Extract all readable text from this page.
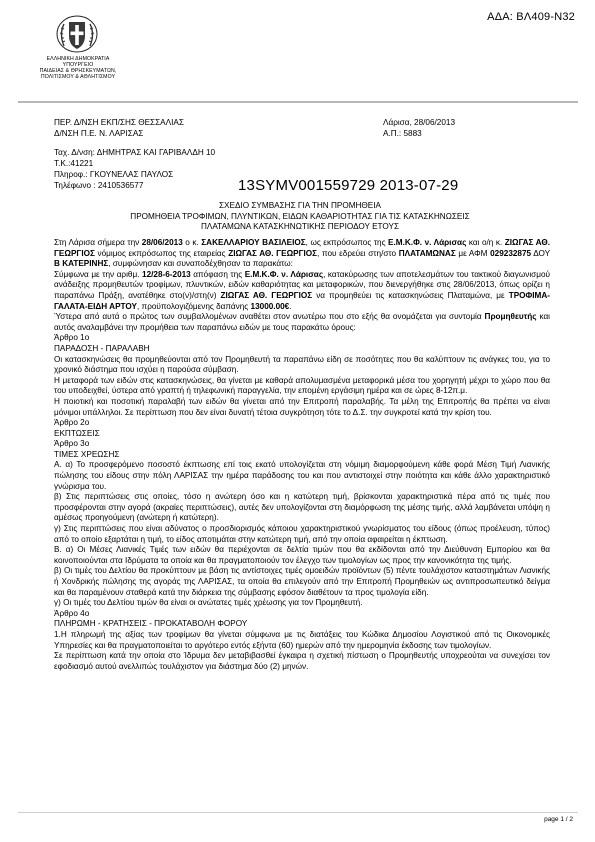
ΑΔΑ: ΒΛ409-Ν32
ΕΛΛΗΝΙΚΗ ΔΗΜΟΚΡΑΤΙΑ
ΥΠΟΥΡΓΕΙΟ
ΠΑΙΔΕΙΑΣ & ΘΡΗΣΚΕΥΜΑΤΩΝ,
ΠΟΛΙΤΙΣΜΟΥ & ΑΘΛΗΤΙΣΜΟΥ
ΠΕΡ. Δ/ΝΣΗ ΕΚΠ/ΣΗΣ ΘΕΣΣΑΛΙΑΣ
Δ/ΝΣΗ Π.Ε. Ν. ΛΑΡΙΣΑΣ
Λάρισα, 28/06/2013
Α.Π.: 5883
Ταχ. Δ/νση: ΔΗΜΗΤΡΑΣ ΚΑΙ ΓΑΡΙΒΑΛΔΗ 10
Τ.Κ.:41221
Πληροφ.: ΓΚΟΥΝΕΛΑΣ ΠΑΥΛΟΣ
Τηλέφωνο : 2410536577	13SYMV001559729 2013-07-29
ΣΧΕΔΙΟ ΣΥΜΒΑΣΗΣ ΓΙΑ ΤΗΝ ΠΡΟΜΗΘΕΙΑ
ΠΡΟΜΗΘΕΙΑ ΤΡΟΦΙΜΩΝ, ΠΛΥΝΤΙΚΩΝ, ΕΙΔΩΝ ΚΑΘΑΡΙΟΤΗΤΑΣ ΓΙΑ ΤΙΣ ΚΑΤΑΣΚΗΝΩΣΕΙΣ
ΠΛΑΤΑΜΩΝΑ ΚΑΤΑΣΚΗΝΩΤΙΚΗΣ ΠΕΡΙΟΔΟΥ ΕΤΟΥΣ

Στη Λάρισα σήμερα την 28/06/2013 ο κ. ΣΑΚΕΛΛΑΡΙΟΥ ΒΑΣΙΛΕΙΟΣ, ως εκπρόσωπος της Ε.Μ.Κ.Φ. ν. Λάρισας και ο/η κ. ΖΙΩΓΑΣ ΑΘ. ΓΕΩΡΓΙΟΣ νόμιμος εκπρόσωπος της εταιρείας ΖΙΩΓΑΣ ΑΘ. ΓΕΩΡΓΙΟΣ, που εδρεύει στη/στο ΠΛΑΤΑΜΩΝΑΣ με ΑΦΜ 029232875 ΔΟΥ Β ΚΑΤΕΡΙΝΗΣ, συμφώνησαν και συναποδέχθησαν τα παρακάτω:

Σύμφωνα με την αριθμ. 12/28-6-2013 απόφαση της Ε.Μ.Κ.Φ. ν. Λάρισας, κατακύρωσης των αποτελεσμάτων του τακτικού διαγωνισμού ανάδειξης προμηθευτών τροφίμων, πλυντικών, ειδών καθαριότητας και μεταφορικών, που διενεργήθηκε στις 28/06/2013, όπως ορίζει η παραπάνω Πράξη, ανατέθηκε στο(ν)/στη(ν) ΖΙΩΓΑΣ ΑΘ. ΓΕΩΡΓΙΟΣ να προμηθεύει τις κατασκηνώσεις Πλαταμώνα, με ΤΡΟΦΙΜΑ-ΓΑΛΑΤΑ-ΕΙΔΗ ΑΡΤΟΥ, προϋπολογιζόμενης δαπάνης 13000.00€.

Ύστερα από αυτά ο πρώτος των συμβαλλομένων αναθέτει στον ανωτέρω που στο εξής θα ονομάζεται για συντομία Προμηθευτής και αυτός αναλαμβάνει την προμήθεια των παραπάνω ειδών με τους παρακάτω όρους:

Άρθρο 1ο

ΠΑΡΑΔΟΣΗ - ΠΑΡΑΛΑΒΗ

Οι κατασκηνώσεις θα προμηθεύονται από τον Προμηθευτή τα παραπάνω είδη σε ποσότητες που θα καλύπτουν τις ανάγκες του, για το χρονικό διάστημα που ισχύει η παρούσα σύμβαση.

Η μεταφορά των ειδών στις κατασκηνώσεις, θα γίνεται με καθαρά απολυμασμένα μεταφορικά μέσα του χορηγητή μέχρι το χώρο που θα του υποδειχθεί, ύστερα από γραπτή ή τηλεφωνική παραγγελία, την επομένη εργάσιμη ημέρα και σε ώρες 8-12π.μ.

Η ποιοτική και ποσοτική παραλαβή των ειδών θα γίνεται από την Επιτροπή παραλαβής. Τα μέλη της Επιτροπής θα πρέπει να είναι μόνιμοι υπάλληλοι. Σε περίπτωση που δεν είναι δυνατή τέτοια συγκρότηση τότε το Δ.Σ. την συγκροτεί κατά την κρίση του.

Άρθρο 2ο

ΕΚΠΤΩΣΕΙΣ

Άρθρο 3ο

ΤΙΜΕΣ ΧΡΕΩΣΗΣ

Α. α) Το προσφερόμενο ποσοστό έκπτωσης επί τοις εκατό υπολογίζεται στη νόμιμη διαμορφούμενη κάθε φορά Μέση Τιμή Λιανικής πώλησης του είδους στην πόλη ΛΑΡΙΣΑΣ την ημέρα παράδοσης του και που αντιστοιχεί στην ποιότητα και κάθε άλλο χαρακτηριστικό γνώρισμα του.

β) Στις περιπτώσεις στις οποίες, τόσο η ανώτερη όσο και η κατώτερη τιμή, βρίσκονται χαρακτηριστικά πέρα από τις τιμές που προσφέρονται στην αγορά (ακραίες περιπτώσεις), αυτές δεν υπολογίζονται στη διαμόρφωση της μέσης τιμής, αλλά λαμβάνεται υπόψη η αμέσως προηγούμενη (ανώτερη ή κατώτερη).

γ) Στις περιπτώσεις που είναι αδύνατος ο προσδιορισμός κάποιου χαρακτηριστικού γνωρίσματος του είδους (όπως προέλευση, τύπος) από το οποίο εξαρτάται η τιμή, το είδος αποτιμάται στην κατώτερη τιμή, από την οποία αφαιρείται η έκπτωση.

Β. α) Οι Μέσες Λιανικές Τιμές των ειδών θα περιέχονται σε δελτία τιμών που θα εκδίδονται από την Διεύθυνση Εμπορίου και θα κοινοποιούνται στα Ιδρύματα τα οποία και θα πραγματοποιούν τον έλεγχο των τιμολογίων ως προς την κανονικότητα της τιμής.

β) Οι τιμές του Δελτίου θα προκύπτουν με βάση τις αντίστοιχες τιμές ομοειδών προϊόντων (5) πέντε τουλάχιστον καταστημάτων Λιανικής ή Χονδρικής πώλησης της αγοράς της ΛΑΡΙΣΑΣ, τα οποία θα επιλεγούν από την Επιτροπή Προμηθειών ως αντιπροσωπευτικό δείγμα και θα παραμένουν σταθερά κατά την διάρκεια της σύμβασης εφόσον διαθέτουν τα προς τιμολογία είδη.

γ) Οι τιμές του Δελτίου τιμών θα είναι οι ανώτατες τιμές χρέωσης για τον Προμηθευτή.

Άρθρο 4ο

ΠΛΗΡΩΜΗ - ΚΡΑΤΗΣΕΙΣ - ΠΡΟΚΑΤΑΒΟΛΗ ΦΟΡΟΥ

1.Η πληρωμή της αξίας των τροφίμων θα γίνεται σύμφωνα με τις διατάξεις του Κώδικα Δημοσίου Λογιστικού από τις Οικονομικές Υπηρεσίες και θα πραγματοποιείται το αργότερο εντός εξήντα (60) ημερών από την ημερομηνία έκδοσης των τιμολογίων.

Σε περίπτωση κατά την οποία στο Ίδρυμα δεν μεταβιβασθεί έγκαιρα η σχετική πίστωση ο Προμηθευτής υποχρεούται να συνεχίσει τον εφοδιασμό αυτού ανελλιπώς τουλάχιστον για διάστημα δύο (2) μηνών.

page 1 / 2
